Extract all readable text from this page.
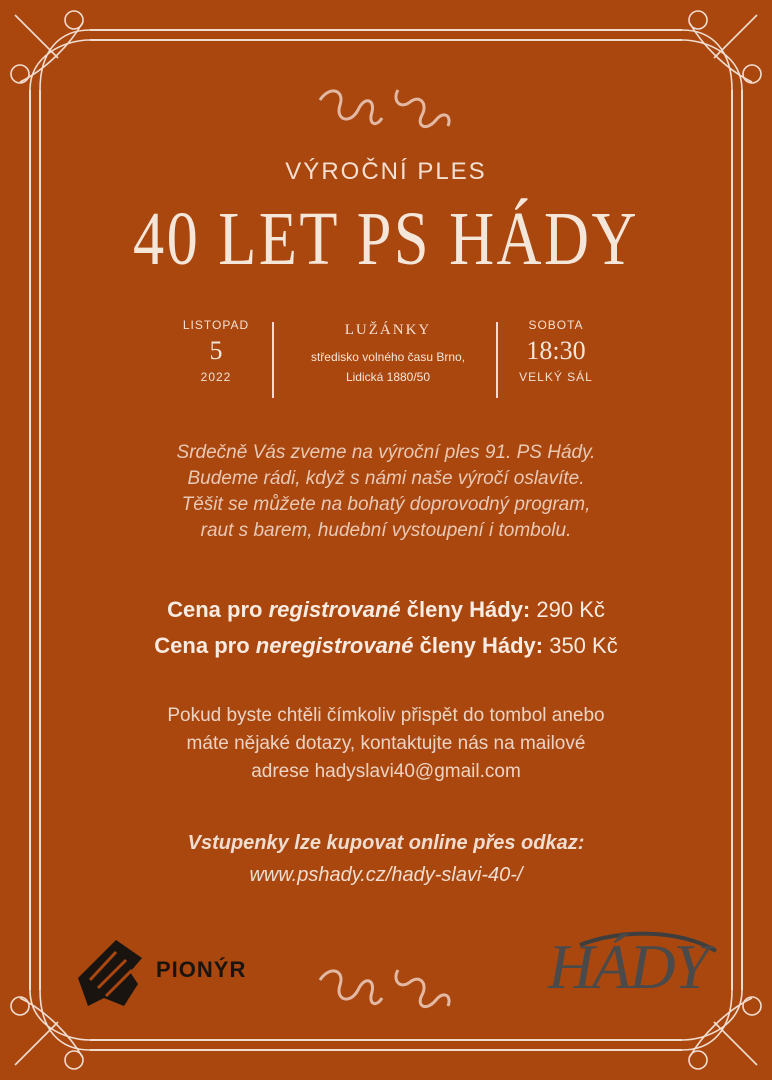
VÝROČNÍ PLES
40 LET PS HÁDY
LISTOPAD
5
2022
LUŽÁNKY
středisko volného času Brno,
Lidická 1880/50
SOBOTA
18:30
VELKÝ SÁL
Srdečně Vás zveme na výroční ples 91. PS Hády.
Budeme rádi, když s námi naše výročí oslavíte.
Těšit se můžete na bohatý doprovodný program,
raut s barem, hudební vystoupení i tombolu.
Cena pro registrované členy Hády: 290 Kč
Cena pro neregistrované členy Hády: 350 Kč
Pokud byste chtěli čímkoliv přispět do tombol anebo
máte nějaké dotazy, kontaktujte nás na mailové
adrese hadyslavi40@gmail.com
Vstupenky lze kupovat online přes odkaz:
www.pshady.cz/hady-slavi-40-/
PIONÝR	HÁDY
